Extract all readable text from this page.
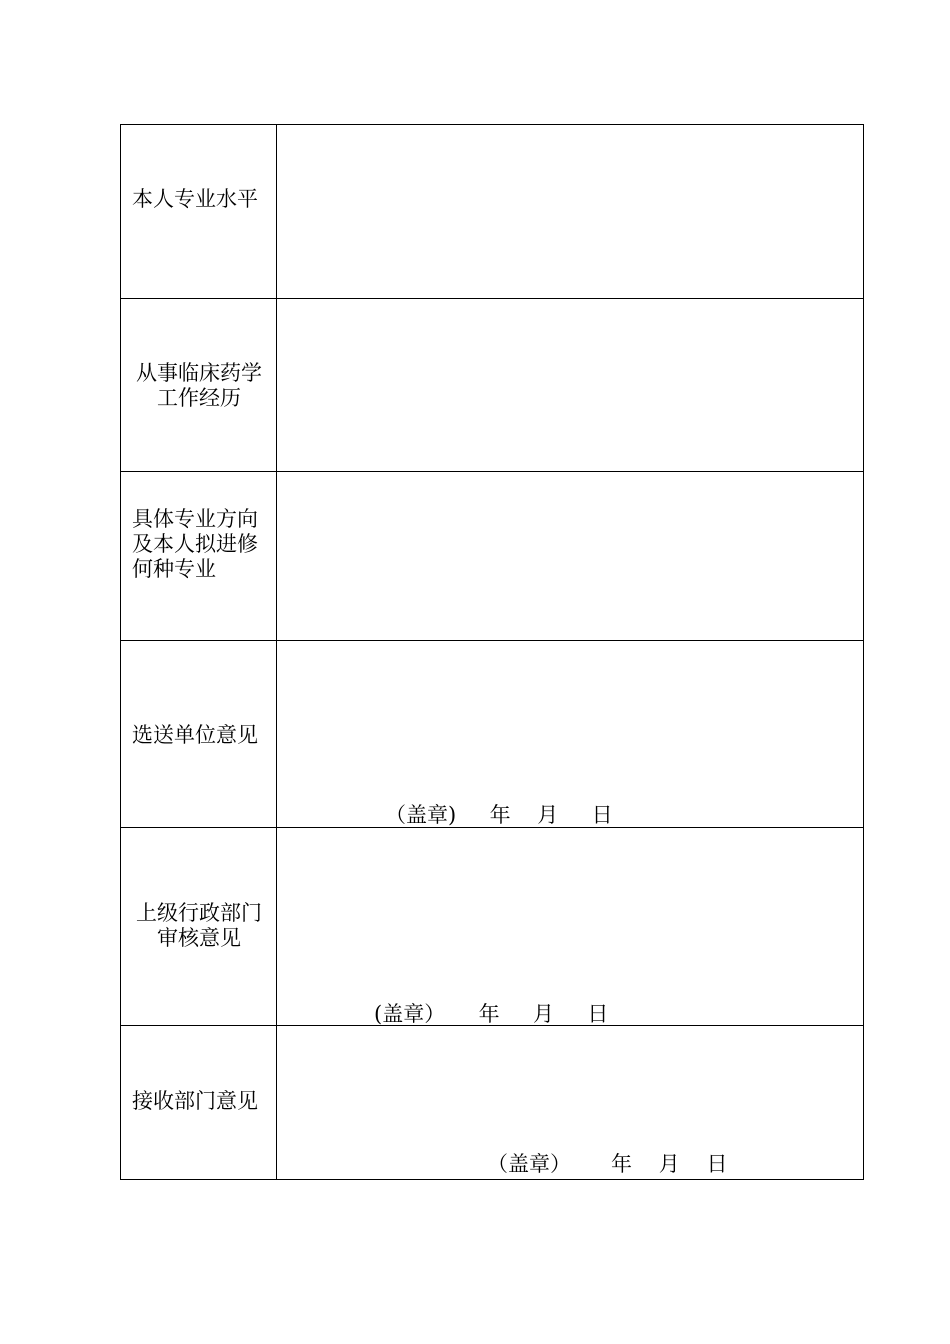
本人专业水平
从事临床药学
工作经历
具体专业方向
及本人拟进修
何种专业
选送单位意见
（盖章)     年    月     日
上级行政部门
审核意见
(盖章）     年     月     日
接收部门意见
（盖章）      年    月    日
